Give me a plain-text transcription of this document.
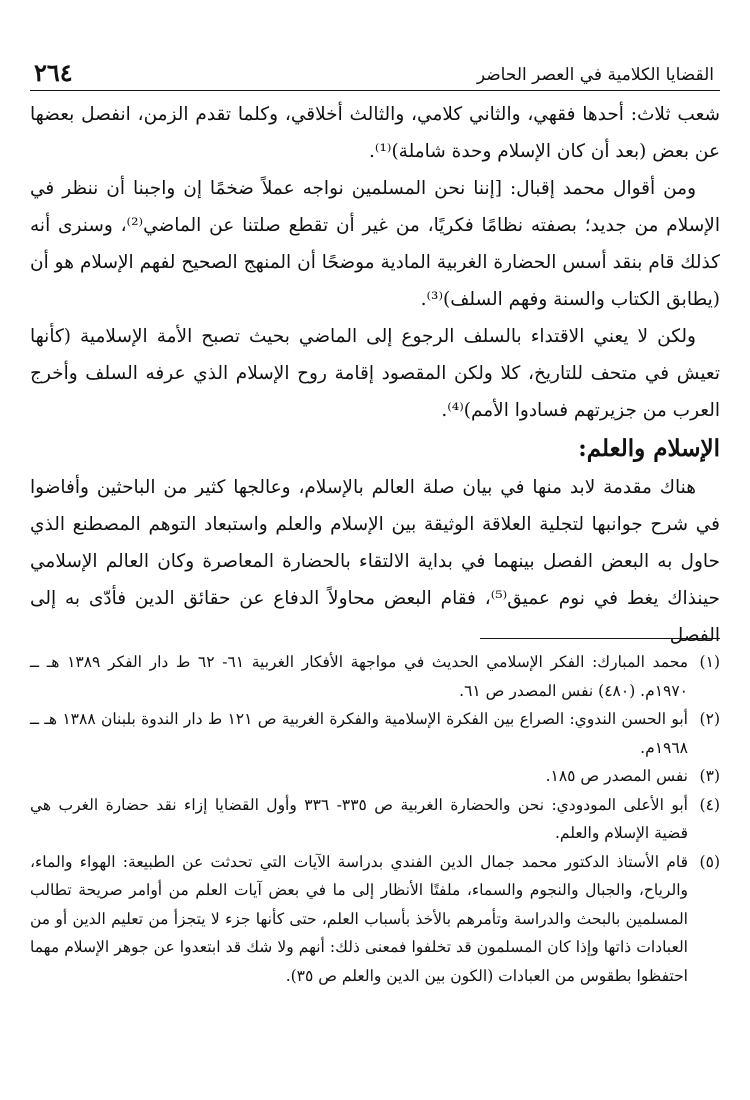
٢٦٤	القضايا الكلامية في العصر الحاضر

شعب ثلاث: أحدها فقهي، والثاني كلامي، والثالث أخلاقي، وكلما تقدم الزمن، انفصل بعضها عن بعض (بعد أن كان الإسلام وحدة شاملة)⁽¹⁾.

ومن أقوال محمد إقبال: [إننا نحن المسلمين نواجه عملاً ضخمًا إن واجبنا أن ننظر في الإسلام من جديد؛ بصفته نظامًا فكريًا، من غير أن تقطع صلتنا عن الماضي⁽²⁾، وسنرى أنه كذلك قام بنقد أسس الحضارة الغربية المادية موضحًا أن المنهج الصحيح لفهم الإسلام هو أن (يطابق الكتاب والسنة وفهم السلف)⁽³⁾.

ولكن لا يعني الاقتداء بالسلف الرجوع إلى الماضي بحيث تصبح الأمة الإسلامية (كأنها تعيش في متحف للتاريخ، كلا ولكن المقصود إقامة روح الإسلام الذي عرفه السلف وأخرج العرب من جزيرتهم فسادوا الأمم)⁽⁴⁾.

الإسلام والعلم:

هناك مقدمة لابد منها في بيان صلة العالم بالإسلام، وعالجها كثير من الباحثين وأفاضوا في شرح جوانبها لتجلية العلاقة الوثيقة بين الإسلام والعلم واستبعاد التوهم المصطنع الذي حاول به البعض الفصل بينهما في بداية الالتقاء بالحضارة المعاصرة وكان العالم الإسلامي حينذاك يغط في نوم عميق⁽⁵⁾، فقام البعض محاولاً الدفاع عن حقائق الدين فأدّى به إلى الفصل

(١)
محمد المبارك: الفكر الإسلامي الحديث في مواجهة الأفكار الغربية ٦١- ٦٢ ط دار الفكر ١٣٨٩ هـ ــ ١٩٧٠م. (٤٨٠) نفس المصدر ص ٦١.
(٢)
أبو الحسن الندوي: الصراع بين الفكرة الإسلامية والفكرة الغربية ص ١٢١ ط دار الندوة بلبنان ١٣٨٨ هـ ــ ١٩٦٨م.
(٣)
نفس المصدر ص ١٨٥.
(٤)
أبو الأعلى المودودي: نحن والحضارة الغربية ص ٣٣٥- ٣٣٦ وأول القضايا إزاء نقد حضارة الغرب هي قضية الإسلام والعلم.
(٥)
قام الأستاذ الدكتور محمد جمال الدين الفندي بدراسة الآيات التي تحدثت عن الطبيعة: الهواء والماء، والرياح، والجبال والنجوم والسماء، ملفتًا الأنظار إلى ما في بعض آيات العلم من أوامر صريحة تطالب المسلمين بالبحث والدراسة وتأمرهم بالأخذ بأسباب العلم، حتى كأنها جزء لا يتجزأ من تعليم الدين أو من العبادات ذاتها وإذا كان المسلمون قد تخلفوا فمعنى ذلك: أنهم ولا شك قد ابتعدوا عن جوهر الإسلام مهما احتفظوا بطقوس من العبادات (الكون بين الدين والعلم ص ٣٥).
